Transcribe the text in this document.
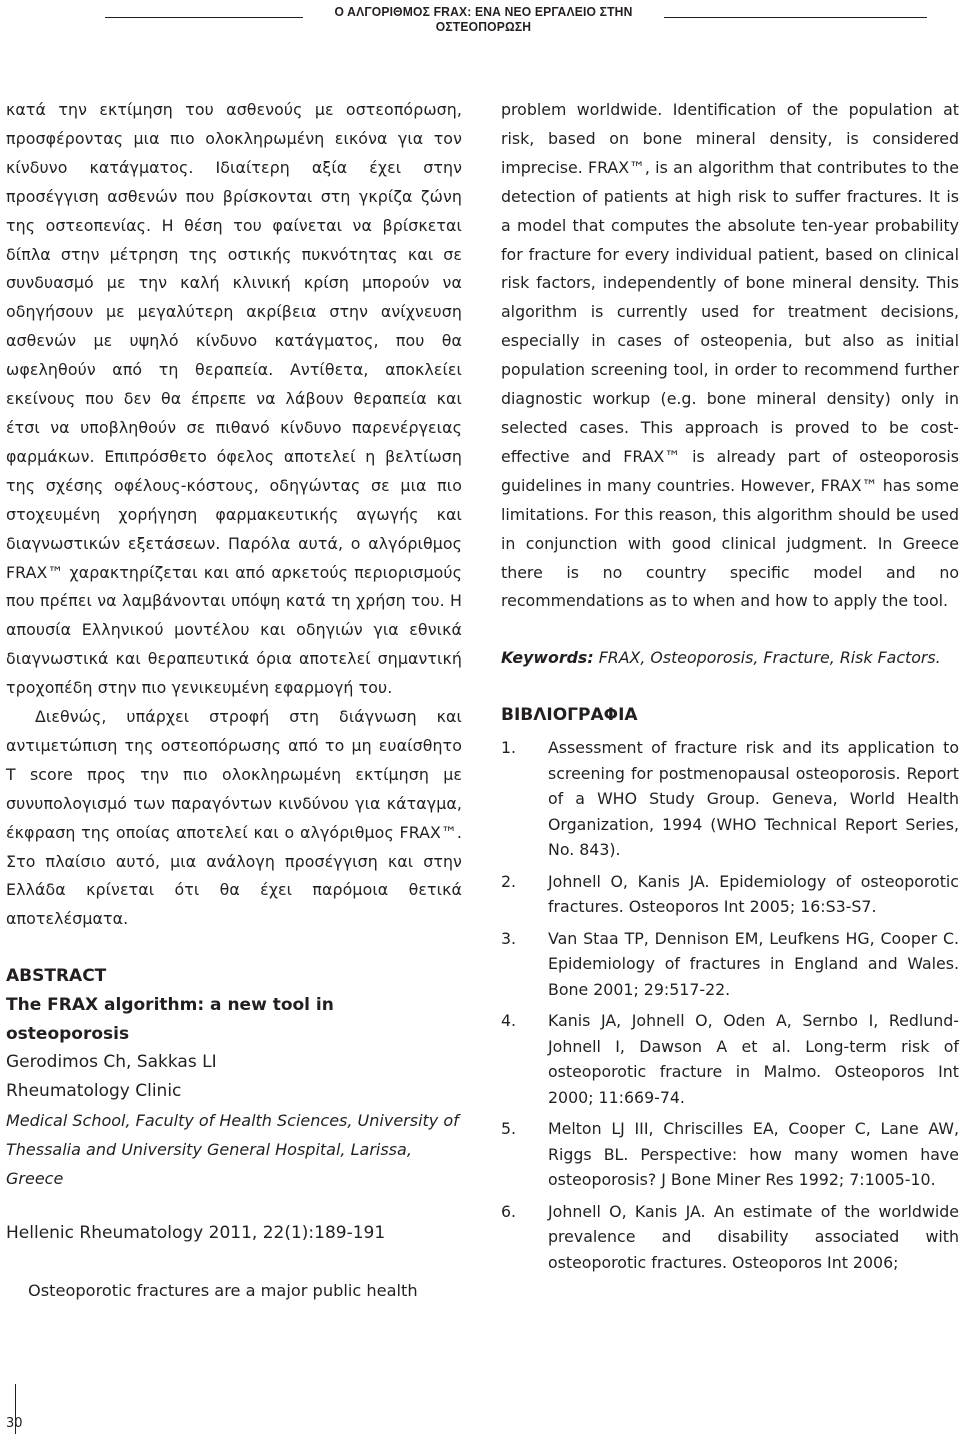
Ο ΑΛΓΟΡΙΘΜΟΣ FRAX: ΕΝΑ ΝΕΟ ΕΡΓΑΛΕΙΟ ΣΤΗΝ ΟΣΤΕΟΠΟΡΩΣΗ

κατά την εκτίμηση του ασθενούς με οστεοπόρωση, προσφέροντας μια πιο ολοκληρωμένη εικόνα για τον κίνδυνο κατάγματος. Ιδιαίτερη αξία έχει στην προσέγγιση ασθενών που βρίσκονται στη γκρίζα ζώνη της οστεοπενίας. Η θέση του φαίνεται να βρίσκεται δίπλα στην μέτρηση της οστικής πυκνότητας και σε συνδυασμό με την καλή κλινική κρίση μπορούν να οδηγήσουν με μεγαλύτερη ακρίβεια στην ανίχνευση ασθενών με υψηλό κίνδυνο κατάγματος, που θα ωφεληθούν από τη θεραπεία. Αντίθετα, αποκλείει εκείνους που δεν θα έπρεπε να λάβουν θεραπεία και έτσι να υποβληθούν σε πιθανό κίνδυνο παρενέργειας φαρμάκων. Επιπρόσθετο όφελος αποτελεί η βελτίωση της σχέσης οφέλους-κόστους, οδηγώντας σε μια πιο στοχευμένη χορήγηση φαρμακευτικής αγωγής και διαγνωστικών εξετάσεων. Παρόλα αυτά, ο αλγόριθμος FRAX™ χαρακτηρίζεται και από αρκετούς περιορισμούς που πρέπει να λαμβάνονται υπόψη κατά τη χρήση του. Η απουσία Ελληνικού μοντέλου και οδηγιών για εθνικά διαγνωστικά και θεραπευτικά όρια αποτελεί σημαντική τροχοπέδη στην πιο γενικευμένη εφαρμογή του.

Διεθνώς, υπάρχει στροφή στη διάγνωση και αντιμετώπιση της οστεοπόρωσης από το μη ευαίσθητο T score προς την πιο ολοκληρωμένη εκτίμηση με συνυπολογισμό των παραγόντων κινδύνου για κάταγμα, έκφραση της οποίας αποτελεί και ο αλγόριθμος FRAX™. Στο πλαίσιο αυτό, μια ανάλογη προσέγγιση και στην Ελλάδα κρίνεται ότι θα έχει παρόμοια θετικά αποτελέσματα.

ABSTRACT
The FRAX algorithm: a new tool in osteoporosis
Gerodimos Ch, Sakkas LI
Rheumatology Clinic
Medical School, Faculty of Health Sciences, University of Thessalia and University General Hospital, Larissa, Greece
Hellenic Rheumatology 2011, 22(1):189-191
Osteoporotic fractures are a major public health

problem worldwide. Identification of the population at risk, based on bone mineral density, is considered imprecise. FRAX™, is an algorithm that contributes to the detection of patients at high risk to suffer fractures. It is a model that computes the absolute ten-year probability for fracture for every individual patient, based on clinical risk factors, independently of bone mineral density. This algorithm is currently used for treatment decisions, especially in cases of osteopenia, but also as initial population screening tool, in order to recommend further diagnostic workup (e.g. bone mineral density) only in selected cases. This approach is proved to be cost-effective and FRAX™ is already part of osteoporosis guidelines in many countries. However, FRAX™ has some limitations. For this reason, this algorithm should be used in conjunction with good clinical judgment. In Greece there is no country specific model and no recommendations as to when and how to apply the tool.

Keywords: FRAX, Osteoporosis, Fracture, Risk Factors.
ΒΙΒΛΙΟΓΡΑΦΙΑ
1. Assessment of fracture risk and its application to screening for postmenopausal osteoporosis. Report of a WHO Study Group. Geneva, World Health Organization, 1994 (WHO Technical Report Series, No. 843).
2. Johnell O, Kanis JA. Epidemiology of osteoporotic fractures. Osteoporos Int 2005; 16:S3-S7.
3. Van Staa TP, Dennison EM, Leufkens HG, Cooper C. Epidemiology of fractures in England and Wales. Bone 2001; 29:517-22.
4. Kanis JA, Johnell O, Oden A, Sernbo I, Redlund-Johnell I, Dawson A et al. Long-term risk of osteoporotic fracture in Malmo. Osteoporos Int 2000; 11:669-74.
5. Melton LJ III, Chriscilles EA, Cooper C, Lane AW, Riggs BL. Perspective: how many women have osteoporosis? J Bone Miner Res 1992; 7:1005-10.
6. Johnell O, Kanis JA. An estimate of the worldwide prevalence and disability associated with osteoporotic fractures. Osteoporos Int 2006;
30
